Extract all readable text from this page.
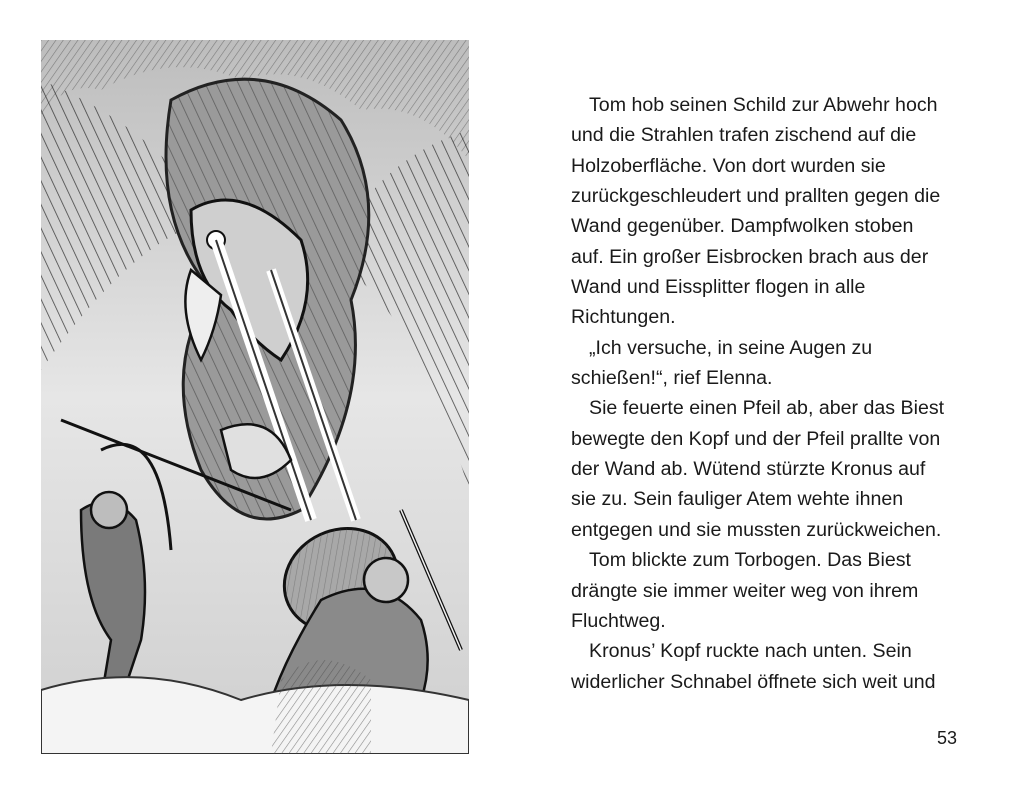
Tom hob seinen Schild zur Abwehr hoch
und die Strahlen trafen zischend auf die
Holzoberfläche. Von dort wurden sie
zurückgeschleudert und prallten gegen die
Wand gegenüber. Dampfwolken stoben
auf. Ein großer Eisbrocken brach aus der
Wand und Eissplitter flogen in alle
Richtungen.
„Ich versuche, in seine Augen zu
schießen!“, rief Elenna.
Sie feuerte einen Pfeil ab, aber das Biest
bewegte den Kopf und der Pfeil prallte von
der Wand ab. Wütend stürzte Kronus auf
sie zu. Sein fauliger Atem wehte ihnen
entgegen und sie mussten zurückweichen.
Tom blickte zum Torbogen. Das Biest
drängte sie immer weiter weg von ihrem
Fluchtweg.
Kronus’ Kopf ruckte nach unten. Sein
widerlicher Schnabel öffnete sich weit und
53
